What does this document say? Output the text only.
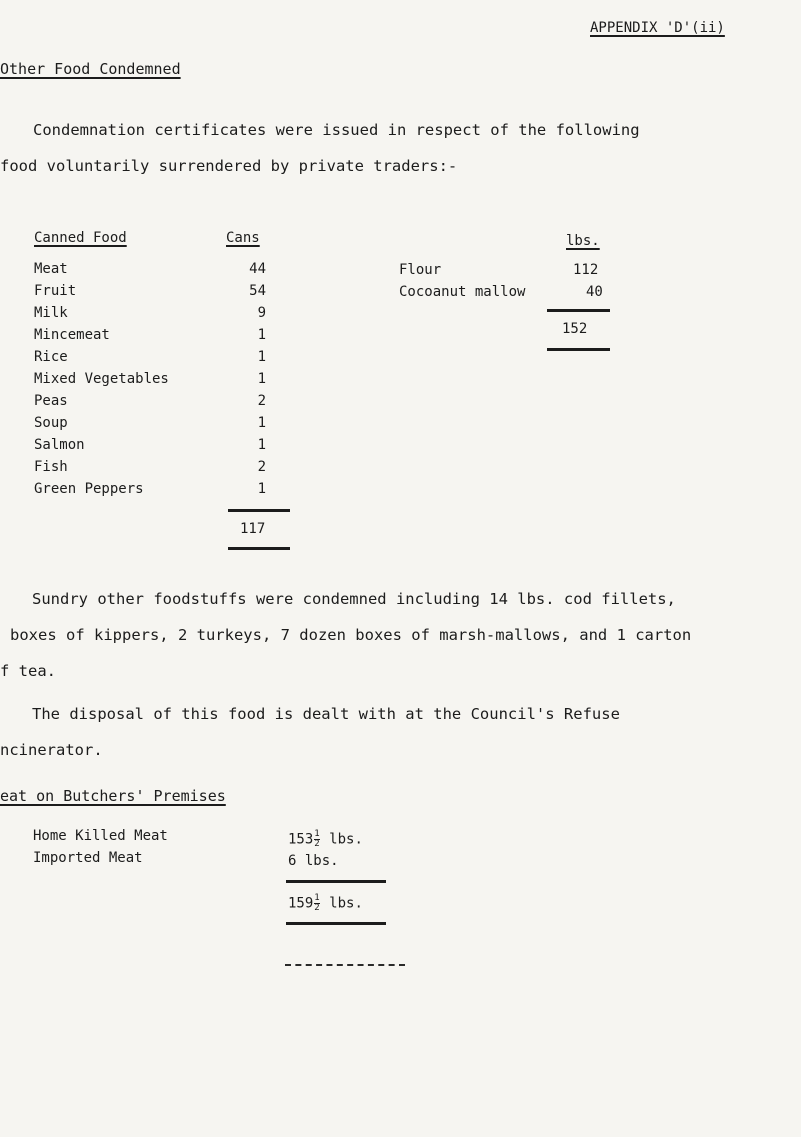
APPENDIX 'D'(ii)
Other Food Condemned
Condemnation certificates were issued in respect of the following
food voluntarily surrendered by private traders:-
Canned Food	Cans
Meat
Fruit
Milk
Mincemeat
Rice
Mixed Vegetables
Peas
Soup
Salmon
Fish
Green Peppers
44
54
9
1
1
1
2
1
1
2
1
117
lbs.
Flour
Cocoanut mallow
112
40
152
Sundry other foodstuffs were condemned including 14 lbs. cod fillets,
boxes of kippers, 2 turkeys, 7 dozen boxes of marsh-mallows, and 1 carton
f tea.
The disposal of this food is dealt with at the Council's Refuse
ncinerator.
eat on Butchers' Premises
Home Killed Meat
Imported Meat
$153 \frac{1}{2}$ lbs.
6 lbs.
$159 \frac{1}{2}$ lbs.
